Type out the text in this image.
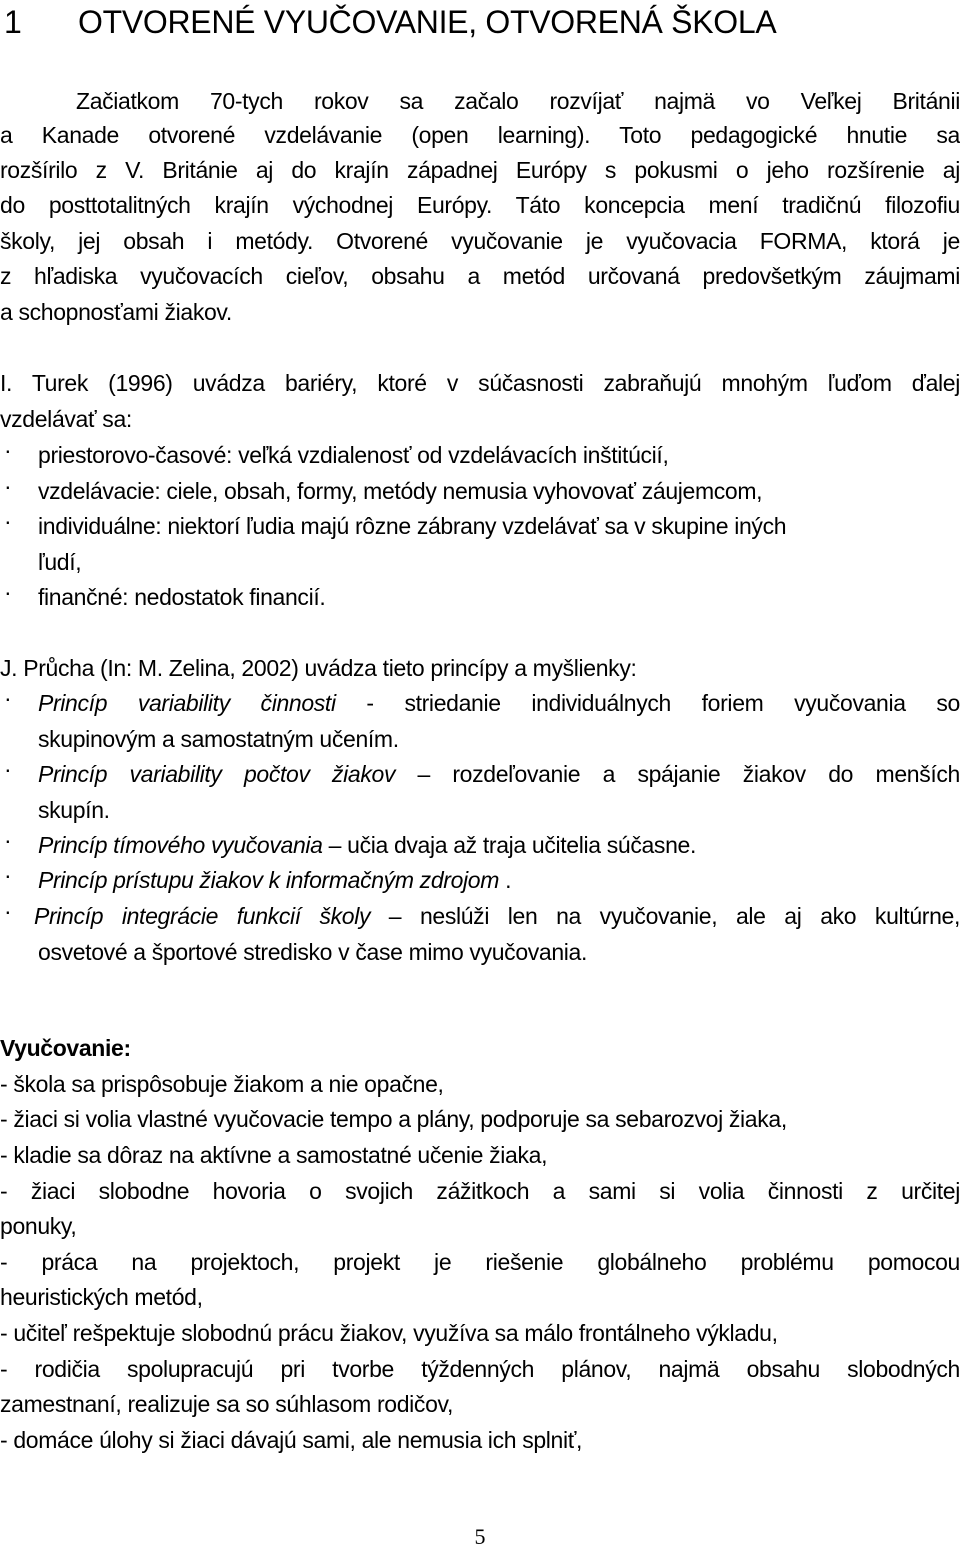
1 OTVORENÉ VYUČOVANIE, OTVORENÁ ŠKOLA
Začiatkom 70-tych rokov sa začalo rozvíjať najmä vo Veľkej Británii
a Kanade otvorené vzdelávanie (open learning). Toto pedagogické hnutie sa
rozšírilo z V. Británie aj do krajín západnej Európy s pokusmi o jeho rozšírenie aj
do posttotalitných krajín východnej Európy. Táto koncepcia mení tradičnú filozofiu
školy, jej obsah i metódy. Otvorené vyučovanie je vyučovacia FORMA, ktorá je
z hľadiska vyučovacích cieľov, obsahu a metód určovaná predovšetkým záujmami
a schopnosťami žiakov.
I. Turek (1996) uvádza bariéry, ktoré v súčasnosti zabraňujú mnohým ľuďom ďalej
vzdelávať sa:
· priestorovo-časové: veľká vzdialenosť od vzdelávacích inštitúcií,
· vzdelávacie: ciele, obsah, formy, metódy nemusia vyhovovať záujemcom,
· individuálne: niektorí ľudia majú rôzne zábrany vzdelávať sa v skupine iných
ľudí,
· finančné: nedostatok financií.
J. Průcha (In: M. Zelina, 2002) uvádza tieto princípy a myšlienky:
· Princíp variability činnosti - striedanie individuálnych foriem vyučovania so
skupinovým a samostatným učením.
· Princíp variability počtov žiakov – rozdeľovanie a spájanie žiakov do menších
skupín.
· Princíp tímového vyučovania – učia dvaja až traja učitelia súčasne.
· Princíp prístupu žiakov k informačným zdrojom .
· Princíp integrácie funkcií školy – neslúži len na vyučovanie, ale aj ako kultúrne,
osvetové a športové stredisko v čase mimo vyučovania.
Vyučovanie:
- škola sa prispôsobuje žiakom a nie opačne,
- žiaci si volia vlastné vyučovacie tempo a plány, podporuje sa sebarozvoj žiaka,
- kladie sa dôraz na aktívne a samostatné učenie žiaka,
- žiaci slobodne hovoria o svojich zážitkoch a sami si volia činnosti z určitej
ponuky,
- práca na projektoch, projekt je riešenie globálneho problému pomocou
heuristických metód,
- učiteľ rešpektuje slobodnú prácu žiakov, využíva sa málo frontálneho výkladu,
- rodičia spolupracujú pri tvorbe týždenných plánov, najmä obsahu slobodných
zamestnaní, realizuje sa so súhlasom rodičov,
- domáce úlohy si žiaci dávajú sami, ale nemusia ich splniť,
5
